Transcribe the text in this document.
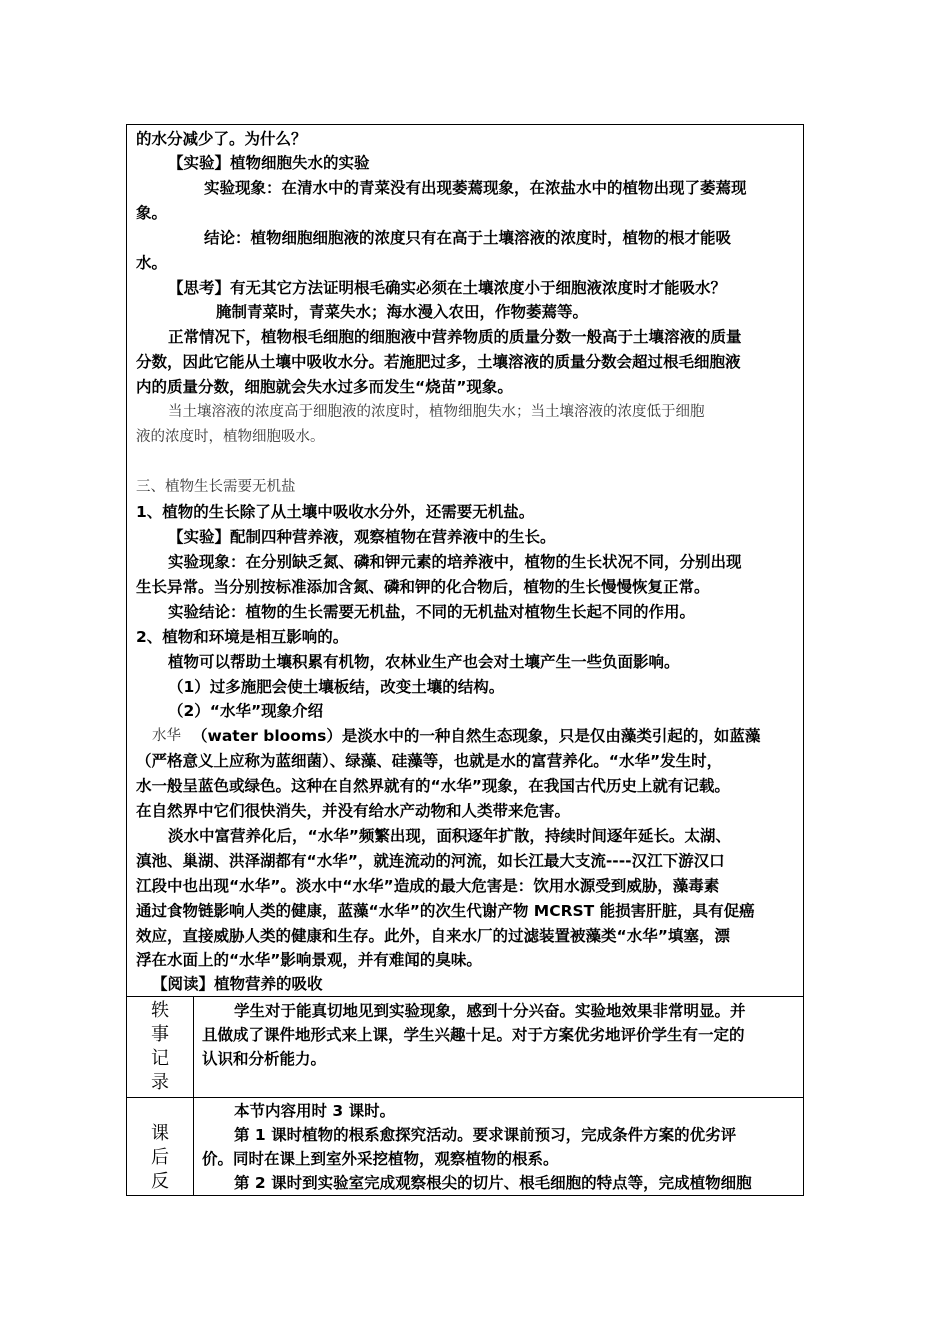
的水分减少了。为什么？
【实验】植物细胞失水的实验
实验现象：在清水中的青菜没有出现萎蔫现象，在浓盐水中的植物出现了萎蔫现
象。
结论：植物细胞细胞液的浓度只有在高于土壤溶液的浓度时，植物的根才能吸
水。
【思考】有无其它方法证明根毛确实必须在土壤浓度小于细胞液浓度时才能吸水？
腌制青菜时，青菜失水；海水漫入农田，作物萎蔫等。
正常情况下，植物根毛细胞的细胞液中营养物质的质量分数一般高于土壤溶液的质量
分数，因此它能从土壤中吸收水分。若施肥过多，土壤溶液的质量分数会超过根毛细胞液
内的质量分数，细胞就会失水过多而发生“烧苗”现象。
当土壤溶液的浓度高于细胞液的浓度时，植物细胞失水；当土壤溶液的浓度低于细胞
液的浓度时，植物细胞吸水。
三、植物生长需要无机盐
1、植物的生长除了从土壤中吸收水分外，还需要无机盐。
【实验】配制四种营养液，观察植物在营养液中的生长。
实验现象：在分别缺乏氮、磷和钾元素的培养液中，植物的生长状况不同，分别出现
生长异常。当分别按标准添加含氮、磷和钾的化合物后，植物的生长慢慢恢复正常。
实验结论：植物的生长需要无机盐，不同的无机盐对植物生长起不同的作用。
2、植物和环境是相互影响的。
植物可以帮助土壤积累有机物，农林业生产也会对土壤产生一些负面影响。
（1）过多施肥会使土壤板结，改变土壤的结构。
（2）“水华”现象介绍
水华 （water blooms）是淡水中的一种自然生态现象，只是仅由藻类引起的，如蓝藻
（严格意义上应称为蓝细菌）、绿藻、硅藻等，也就是水的富营养化。“水华”发生时，
水一般呈蓝色或绿色。这种在自然界就有的“水华”现象，在我国古代历史上就有记载。
在自然界中它们很快消失，并没有给水产动物和人类带来危害。
淡水中富营养化后，“水华”频繁出现，面积逐年扩散，持续时间逐年延长。太湖、
滇池、巢湖、洪泽湖都有“水华”，就连流动的河流，如长江最大支流----汉江下游汉口
江段中也出现“水华”。淡水中“水华”造成的最大危害是：饮用水源受到威胁，藻毒素
通过食物链影响人类的健康，蓝藻“水华”的次生代谢产物 MCRST 能损害肝脏，具有促癌
效应，直接威胁人类的健康和生存。此外，自来水厂的过滤装置被藻类“水华”填塞，漂
浮在水面上的“水华”影响景观，并有难闻的臭味。
【阅读】植物营养的吸收
轶
事
记
录
学生对于能真切地见到实验现象，感到十分兴奋。实验地效果非常明显。并
且做成了课件地形式来上课，学生兴趣十足。对于方案优劣地评价学生有一定的
认识和分析能力。
课
后
反
本节内容用时 3 课时。
第 1 课时植物的根系愈探究活动。要求课前预习，完成条件方案的优劣评
价。同时在课上到室外采挖植物，观察植物的根系。
第 2 课时到实验室完成观察根尖的切片、根毛细胞的特点等，完成植物细胞
